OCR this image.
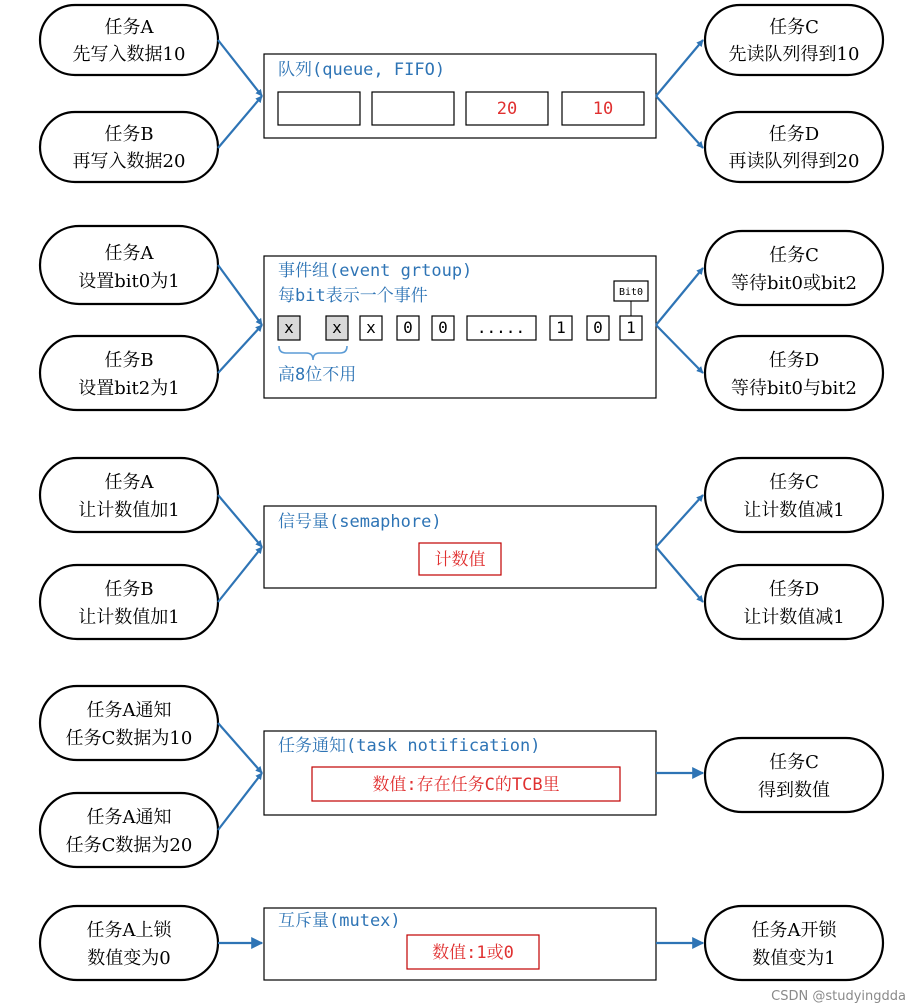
任务A
先写入数据10
任务B
再写入数据20
队列(queue, FIFO)
20	10
任务C
先读队列得到10
任务D
再读队列得到20
任务A
设置bit0为1
任务B
设置bit2为1
事件组(event grtoup)
每bit表示一个事件	Bit0
x x x 0 0 ..... 1 0 1
高8位不用
任务C
等待bit0或bit2
任务D
等待bit0与bit2
任务A
让计数值加1
任务B
让计数值加1
信号量(semaphore)
计数值
任务C
让计数值减1
任务D
让计数值减1
任务A通知
任务C数据为10
任务A通知
任务C数据为20
任务通知(task notification)
数值:存在任务C的TCB里
任务C
得到数值
任务A上锁
数值变为0
互斥量(mutex)
数值:1或0
任务A开锁
数值变为1
CSDN @studyingdda
